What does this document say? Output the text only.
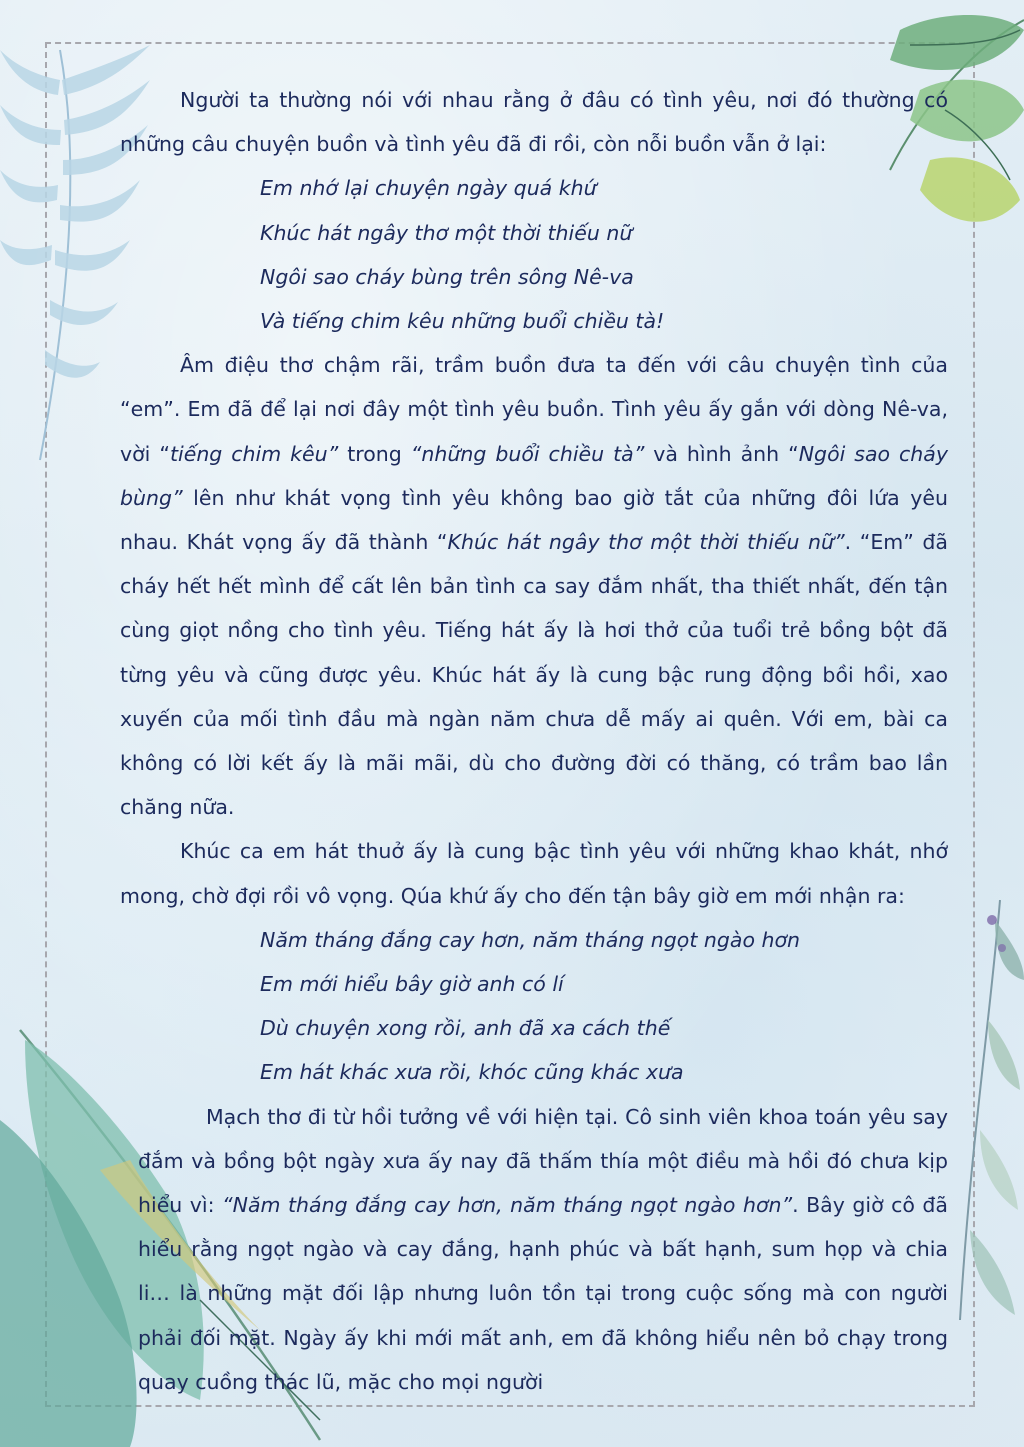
Người ta thường nói với nhau rằng ở đâu có tình yêu, nơi đó thường có những câu chuyện buồn và tình yêu đã đi rồi, còn nỗi buồn vẫn ở lại:

Em nhớ lại chuyện ngày quá khứ

Khúc hát ngây thơ một thời thiếu nữ

Ngôi sao cháy bùng trên sông Nê-va

Và tiếng chim kêu những buổi chiều tà!

Âm điệu thơ chậm rãi, trầm buồn đưa ta đến với câu chuyện tình của “em”. Em đã để lại nơi đây một tình yêu buồn. Tình yêu ấy gắn với dòng Nê-va, vời “tiếng chim kêu” trong “những buổi chiều tà” và hình ảnh “Ngôi sao cháy bùng” lên như khát vọng tình yêu không bao giờ tắt của những đôi lứa yêu nhau. Khát vọng ấy đã thành “Khúc hát ngây thơ một thời thiếu nữ”. “Em” đã cháy hết hết mình để cất lên bản tình ca say đắm nhất, tha thiết nhất, đến tận cùng giọt nồng cho tình yêu. Tiếng hát ấy là hơi thở của tuổi trẻ bồng bột đã từng yêu và cũng được yêu. Khúc hát ấy là cung bậc rung động bồi hồi, xao xuyến của mối tình đầu mà ngàn năm chưa dễ mấy ai quên. Với em, bài ca không có lời kết ấy là mãi mãi, dù cho đường đời có thăng, có trầm bao lần chăng nữa.

Khúc ca em hát thuở ấy là cung bậc tình yêu với những khao khát, nhớ mong, chờ đợi rồi vô vọng. Qúa khứ ấy cho đến tận bây giờ em mới nhận ra:

Năm tháng đắng cay hơn, năm tháng ngọt ngào hơn

Em mới hiểu bây giờ anh có lí

Dù chuyện xong rồi, anh đã xa cách thế

Em hát khác xưa rồi, khóc cũng khác xưa

Mạch thơ đi từ hồi tưởng về với hiện tại. Cô sinh viên khoa toán yêu say đắm và bồng bột ngày xưa ấy nay đã thấm thía một điều mà hồi đó chưa kịp hiểu vì: “Năm tháng đắng cay hơn, năm tháng ngọt ngào hơn”. Bây giờ cô đã hiểu rằng ngọt ngào và cay đắng, hạnh phúc và bất hạnh, sum họp và chia li… là những mặt đối lập nhưng luôn tồn tại trong cuộc sống mà con người phải đối mặt. Ngày ấy khi mới mất anh, em đã không hiểu nên bỏ chạy trong quay cuồng thác lũ, mặc cho mọi người
